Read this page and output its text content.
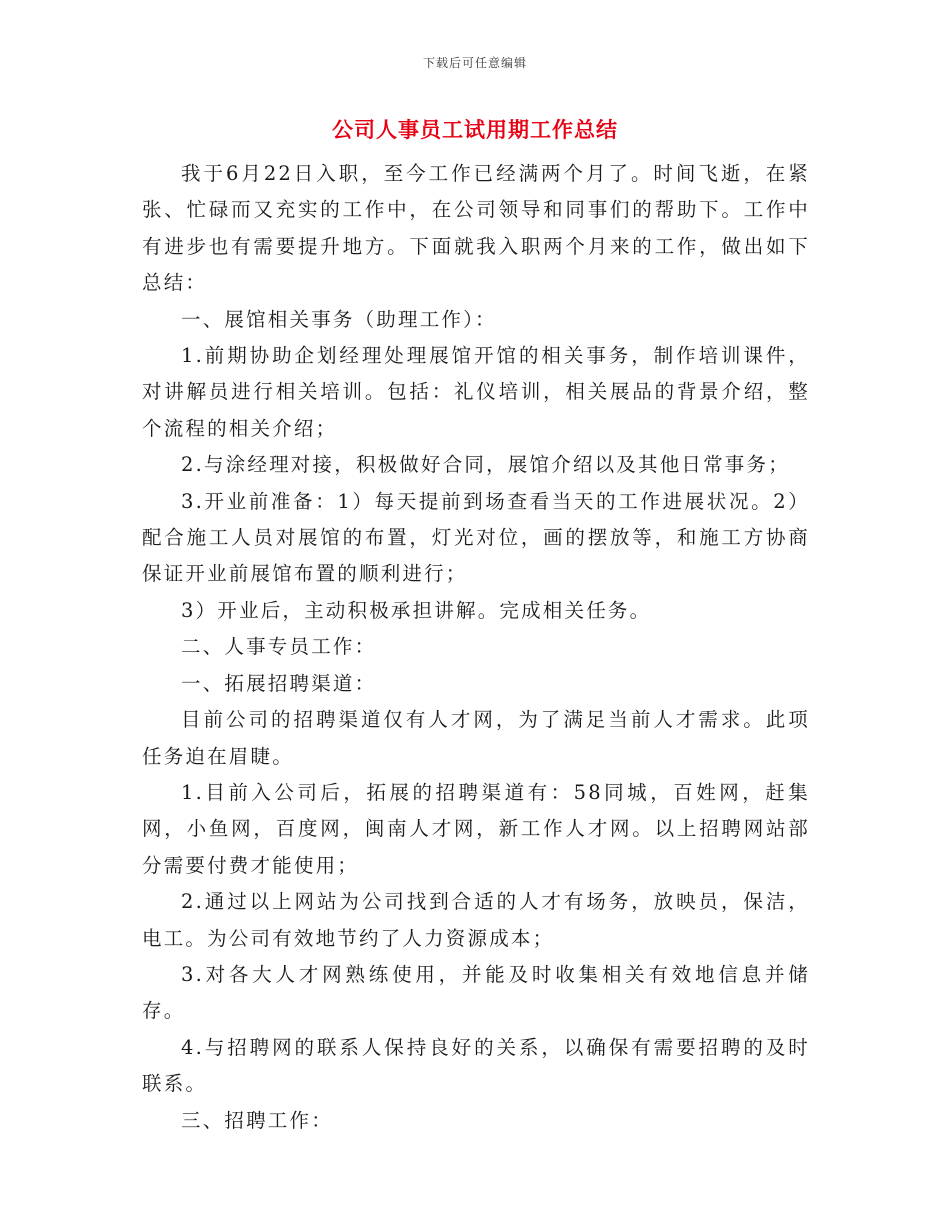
下载后可任意编辑
公司人事员工试用期工作总结

我于6月22日入职，至今工作已经满两个月了。时间飞逝，在紧张、忙碌而又充实的工作中，在公司领导和同事们的帮助下。工作中有进步也有需要提升地方。下面就我入职两个月来的工作，做出如下总结：

一、展馆相关事务（助理工作）：

1.前期协助企划经理处理展馆开馆的相关事务，制作培训课件，对讲解员进行相关培训。包括：礼仪培训，相关展品的背景介绍，整个流程的相关介绍；

2.与涂经理对接，积极做好合同，展馆介绍以及其他日常事务；

3.开业前准备：1）每天提前到场查看当天的工作进展状况。2）配合施工人员对展馆的布置，灯光对位，画的摆放等，和施工方协商保证开业前展馆布置的顺利进行；

3）开业后，主动积极承担讲解。完成相关任务。

二、人事专员工作：

一、拓展招聘渠道：

目前公司的招聘渠道仅有人才网，为了满足当前人才需求。此项任务迫在眉睫。

1.目前入公司后，拓展的招聘渠道有：58同城，百姓网，赶集网，小鱼网，百度网，闽南人才网，新工作人才网。以上招聘网站部分需要付费才能使用；

2.通过以上网站为公司找到合适的人才有场务，放映员，保洁，电工。为公司有效地节约了人力资源成本；

3.对各大人才网熟练使用，并能及时收集相关有效地信息并储存。

4.与招聘网的联系人保持良好的关系，以确保有需要招聘的及时联系。

三、招聘工作：
